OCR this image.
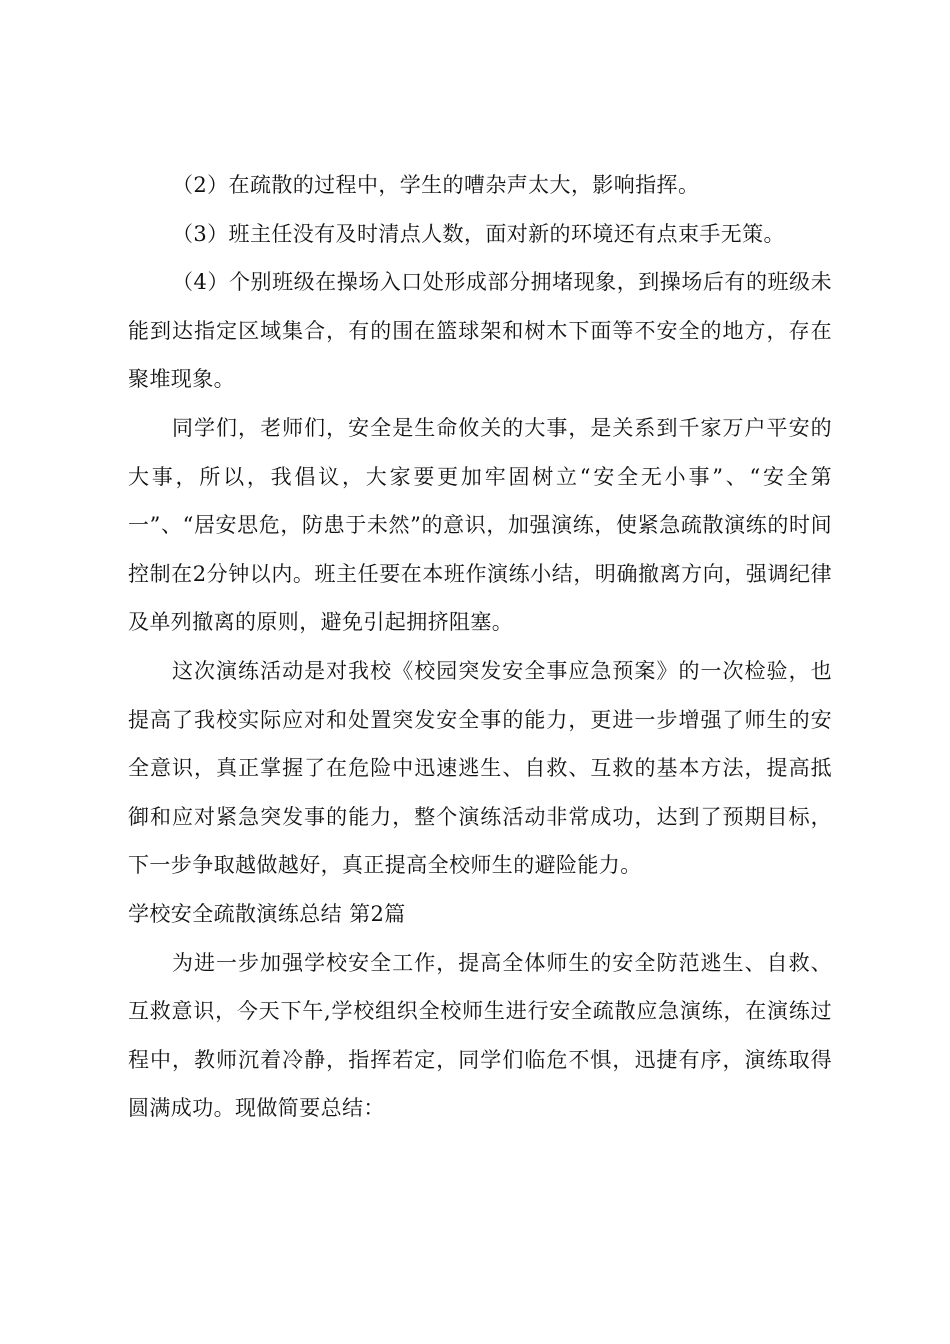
（2）在疏散的过程中，学生的嘈杂声太大，影响指挥。

（3）班主任没有及时清点人数，面对新的环境还有点束手无策。

（4）个别班级在操场入口处形成部分拥堵现象，到操场后有的班级未能到达指定区域集合，有的围在篮球架和树木下面等不安全的地方，存在聚堆现象。

同学们，老师们，安全是生命攸关的大事，是关系到千家万户平安的大事，所以，我倡议，大家要更加牢固树立“安全无小事”、“安全第一”、“居安思危，防患于未然”的意识，加强演练，使紧急疏散演练的时间控制在2分钟以内。班主任要在本班作演练小结，明确撤离方向，强调纪律及单列撤离的原则，避免引起拥挤阻塞。

这次演练活动是对我校《校园突发安全事应急预案》的一次检验，也提高了我校实际应对和处置突发安全事的能力，更进一步增强了师生的安全意识，真正掌握了在危险中迅速逃生、自救、互救的基本方法，提高抵御和应对紧急突发事的能力，整个演练活动非常成功，达到了预期目标，下一步争取越做越好，真正提高全校师生的避险能力。

学校安全疏散演练总结 第2篇

为进一步加强学校安全工作，提高全体师生的安全防范逃生、自救、互救意识，今天下午,学校组织全校师生进行安全疏散应急演练，在演练过程中，教师沉着冷静，指挥若定，同学们临危不惧，迅捷有序，演练取得圆满成功。现做简要总结：
